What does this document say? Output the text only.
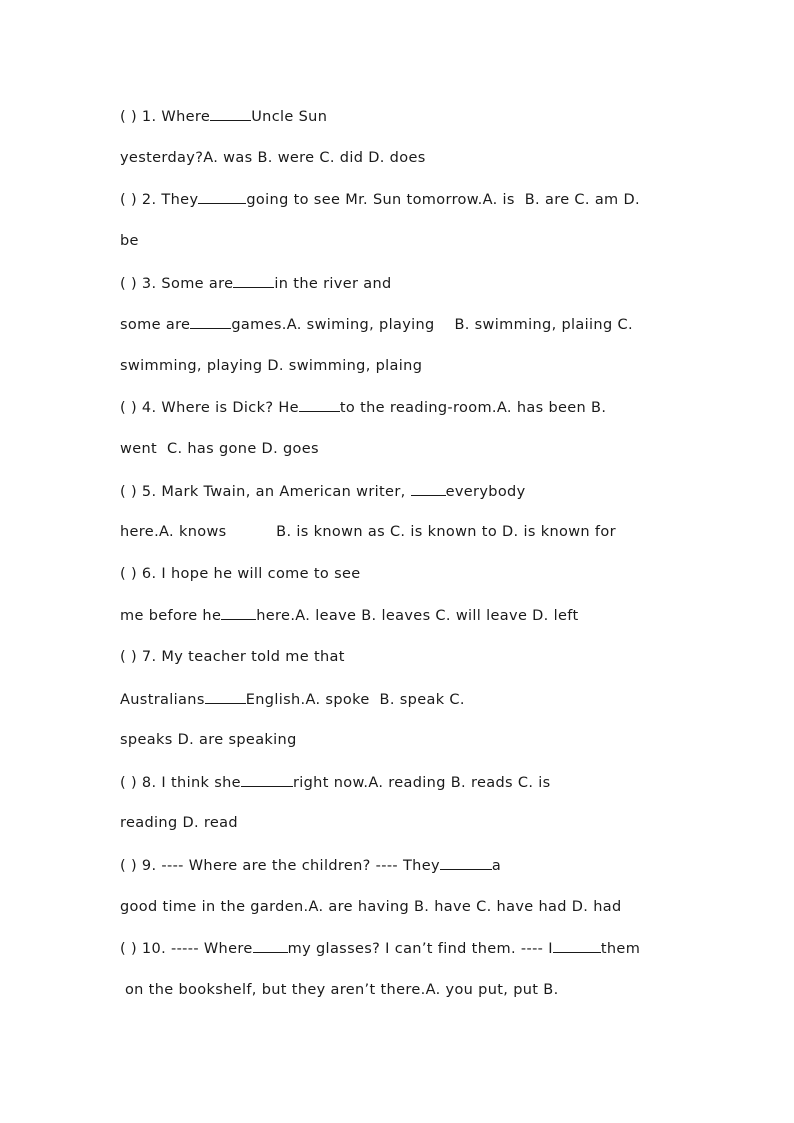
( ) 1. Where	Uncle Sun
yesterday?A. was B. were C. did D. does
( ) 2. They	going to see Mr. Sun tomorrow.A. is  B. are C. am D.
be
( ) 3. Some are	in the river and
some are	games.A. swiming, playing    B. swimming, plaiing C.
swimming, playing D. swimming, plaing
( ) 4. Where is Dick? He	to the reading-room.A. has been B.
went  C. has gone D. goes
( ) 5. Mark Twain, an American writer, everybody
here.A. knows          B. is known as C. is known to D. is known for
( ) 6. I hope he will come to see
me before he here.A. leave B. leaves C. will leave D. left
( ) 7. My teacher told me that
Australians	English.A. spoke  B. speak C.
speaks D. are speaking
( ) 8. I think she	right now.A. reading B. reads C. is
reading D. read
( ) 9. ---- Where are the children? ---- They	a
good time in the garden.A. are having B. have C. have had D. had
( ) 10. ----- Where my glasses? I can’t find them. ---- I	them
on the bookshelf, but they aren’t there.A. you put, put B.
